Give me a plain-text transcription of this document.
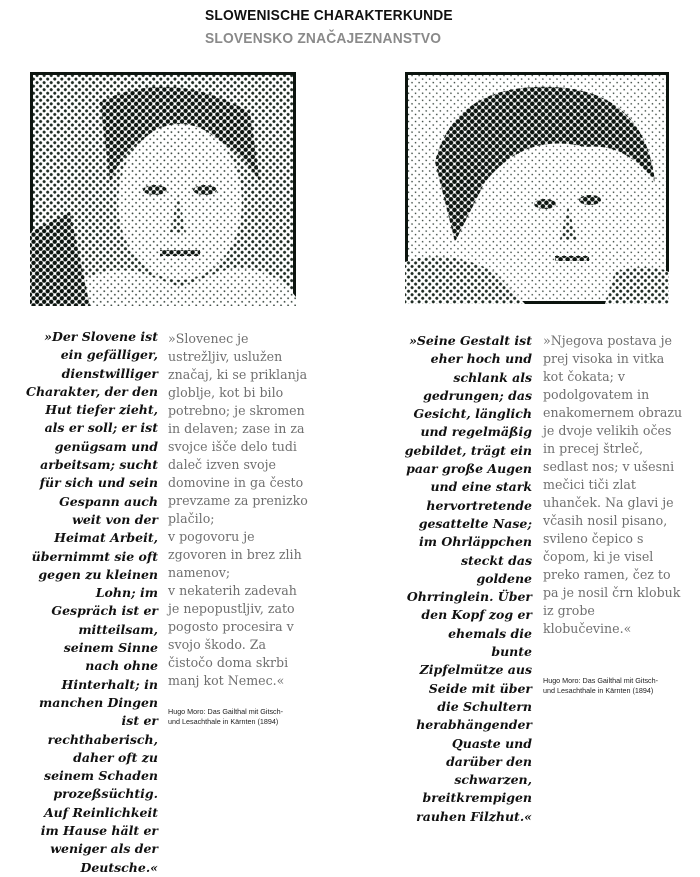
SLOWENISCHE CHARAKTERKUNDE
SLOVENSKO ZNAČAJEZNANSTVO

»Der Slovene ist ein gefälliger, dienstwilliger Charakter, der den Hut tiefer zieht, als er soll; er ist genügsam und arbeitsam; sucht für sich und sein Gespann auch weit von der Heimat Arbeit, übernimmt sie oft gegen zu kleinen Lohn; im Gespräch ist er mitteilsam, seinem Sinne nach ohne Hinterhalt; in manchen Dingen ist er rechthaberisch, daher oft zu seinem Schaden prozeßsüchtig. Auf Reinlichkeit im Hause hält er weniger als der Deutsche.«

»Slovenec je ustrežljiv, uslužen značaj, ki se priklanja globlje, kot bi bilo potrebno; je skromen in delaven; zase in za svojce išče delo tudi daleč izven svoje domovine in ga često prevzame za prenizko plačilo;
v pogovoru je zgovoren in brez zlih namenov;
v nekaterih zadevah je nepopustljiv, zato pogosto procesira v svojo škodo. Za čistočo doma skrbi manj kot Nemec.«

Hugo Moro: Das Gailthal mit Gitsch-
und Lesachthale in Kärnten (1894)

»Seine Gestalt ist eher hoch und schlank als gedrungen; das Gesicht, länglich und regelmäßig gebildet, trägt ein paar große Augen und eine stark hervortretende gesattelte Nase; im Ohrläppchen steckt das goldene Ohrringlein. Über den Kopf zog er ehemals die bunte Zipfelmütze aus Seide mit über die Schultern herabhängender Quaste und darüber den schwarzen, breitkrempigen rauhen Filzhut.«

»Njegova postava je prej visoka in vitka kot čokata; v podolgovatem in enakomernem obrazu je dvoje velikih očes in precej štrleč, sedlast nos; v ušesni mečici tiči zlat uhanček. Na glavi je včasih nosil pisano, svileno čepico s čopom, ki je visel preko ramen, čez to pa je nosil črn klobuk iz grobe klobučevine.«

Hugo Moro: Das Gailthal mit Gitsch-
und Lesachthale in Kärnten (1894)
